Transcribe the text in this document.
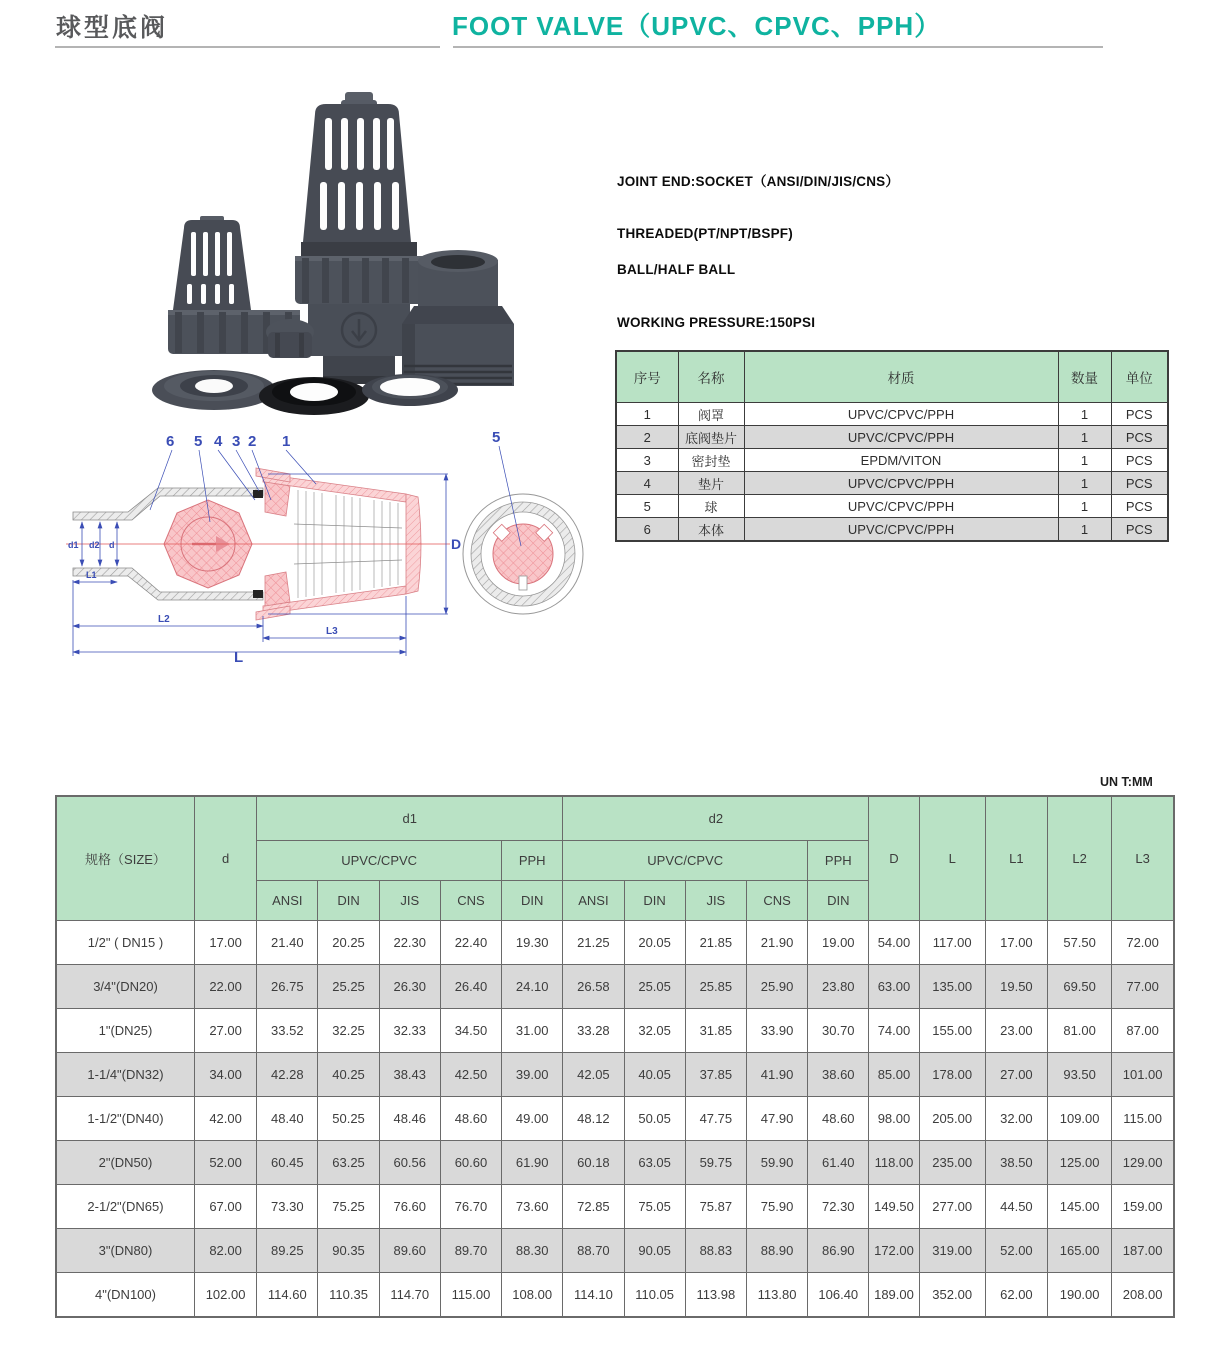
球型底阀	FOOT VALVE（UPVC、CPVC、PPH）
JOINT END:SOCKET（ANSI/DIN/JIS/CNS）
THREADED(PT/NPT/BSPF)
BALL/HALF BALL
WORKING PRESSURE:150PSI
序号	名称	材质	数量	单位
1	阀罩	UPVC/CPVC/PPH	1	PCS
2	底阀垫片	UPVC/CPVC/PPH	1	PCS
3	密封垫	EPDM/VITON	1	PCS
4	垫片	UPVC/CPVC/PPH	1	PCS
5	球	UPVC/CPVC/PPH	1	PCS
6	本体	UPVC/CPVC/PPH	1	PCS
d1 d2 d
L1
L2
L3
L
D
6 5 4 3 2 1	5
UN T:MM
规格（SIZE）	d	d1					d2					D	L	L1	L2	L3
		UPVC/CPVC				PPH	UPVC/CPVC				PPH					
		ANSI	DIN	JIS	CNS	DIN	ANSI	DIN	JIS	CNS	DIN					
1/2" ( DN15 )	17.00	21.40	20.25	22.30	22.40	19.30	21.25	20.05	21.85	21.90	19.00	54.00	117.00	17.00	57.50	72.00
3/4"(DN20)	22.00	26.75	25.25	26.30	26.40	24.10	26.58	25.05	25.85	25.90	23.80	63.00	135.00	19.50	69.50	77.00
1"(DN25)	27.00	33.52	32.25	32.33	34.50	31.00	33.28	32.05	31.85	33.90	30.70	74.00	155.00	23.00	81.00	87.00
1-1/4"(DN32)	34.00	42.28	40.25	38.43	42.50	39.00	42.05	40.05	37.85	41.90	38.60	85.00	178.00	27.00	93.50	101.00
1-1/2"(DN40)	42.00	48.40	50.25	48.46	48.60	49.00	48.12	50.05	47.75	47.90	48.60	98.00	205.00	32.00	109.00	115.00
2"(DN50)	52.00	60.45	63.25	60.56	60.60	61.90	60.18	63.05	59.75	59.90	61.40	118.00	235.00	38.50	125.00	129.00
2-1/2"(DN65)	67.00	73.30	75.25	76.60	76.70	73.60	72.85	75.05	75.87	75.90	72.30	149.50	277.00	44.50	145.00	159.00
3"(DN80)	82.00	89.25	90.35	89.60	89.70	88.30	88.70	90.05	88.83	88.90	86.90	172.00	319.00	52.00	165.00	187.00
4"(DN100)	102.00	114.60	110.35	114.70	115.00	108.00	114.10	110.05	113.98	113.80	106.40	189.00	352.00	62.00	190.00	208.00
